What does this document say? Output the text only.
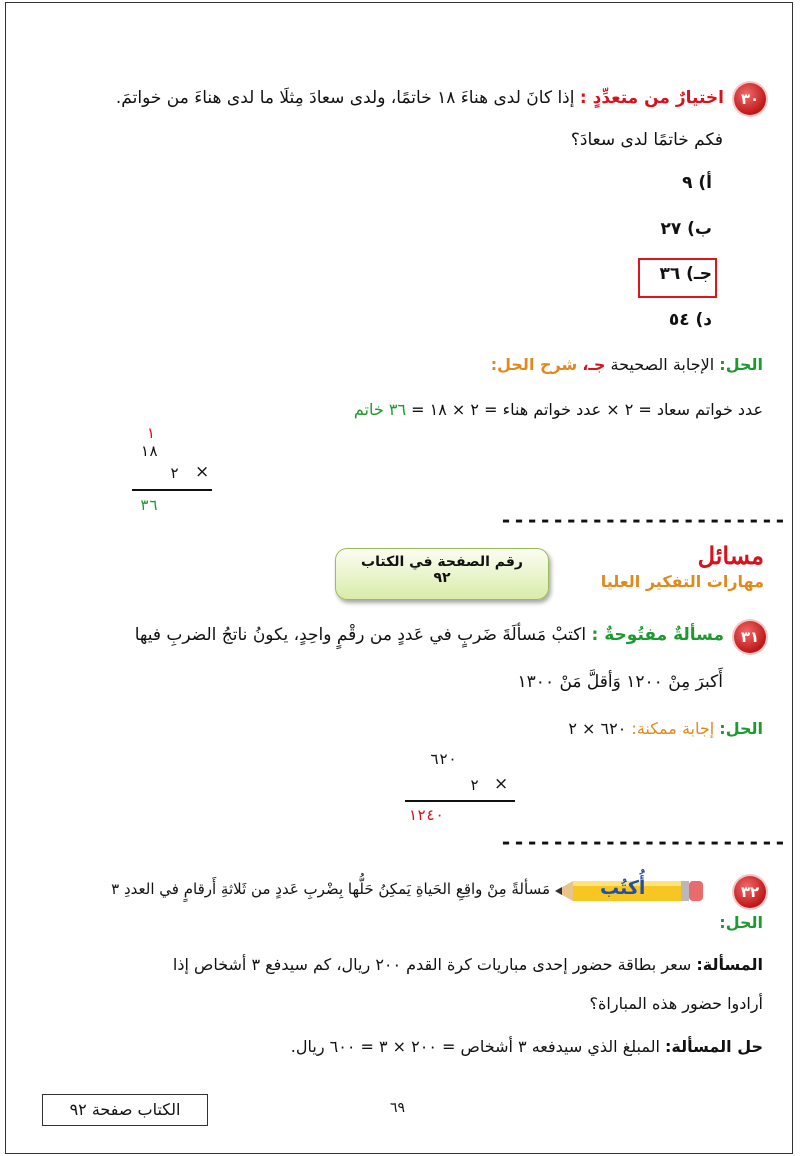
٣٠
اختيارٌ من متعدِّدٍ : إذا كانَ لدى هناءَ ١٨ خاتمًا، ولدى سعادَ مِثلَا ما لدى هناءَ من خواتمَ.
فكم خاتمًا لدى سعادَ؟
أ) ٩
ب) ٢٧
جـ) ٣٦
د) ٥٤
الحل: الإجابة الصحيحة جـ، شرح الحل:
عدد خواتم سعاد = ٢ × عدد خواتم هناء = ٢ × ١٨ = ٣٦ خاتم
١
١٨
٢ ×
٣٦
----------------------
مسائل
مهارات التفكير العليا
رقم الصفحة في الكتاب
٩٢
٣١
مسألةٌ مفتُوحةٌ : اكتبْ مَسألَةَ ضَربٍ في عَددٍ من رقْمٍ واحِدٍ، يكونُ ناتجُ الضربِ فيها
أَكبرَ مِنْ ١٢٠٠ وَأقلَّ مَنْ ١٣٠٠
الحل: إجابة ممكنة: ٦٢٠ × ٢
٦٢٠
٢ ×
١٢٤٠
----------------------
٣٢
أُكتُب
مَسألةً مِنْ واقِعِ الحَياةِ يَمكِنُ حَلُّها بِضْربِ عَددٍ من ثَلاثةِ أَرقامٍ في العددِ ٣
الحل:
المسألة: سعر بطاقة حضور إحدى مباريات كرة القدم ٢٠٠ ريال، كم سيدفع ٣ أشخاص إذا
أرادوا حضور هذه المباراة؟
حل المسألة: المبلغ الذي سيدفعه ٣ أشخاص = ٢٠٠ × ٣ = ٦٠٠ ريال.
٦٩
الكتاب صفحة ٩٢
